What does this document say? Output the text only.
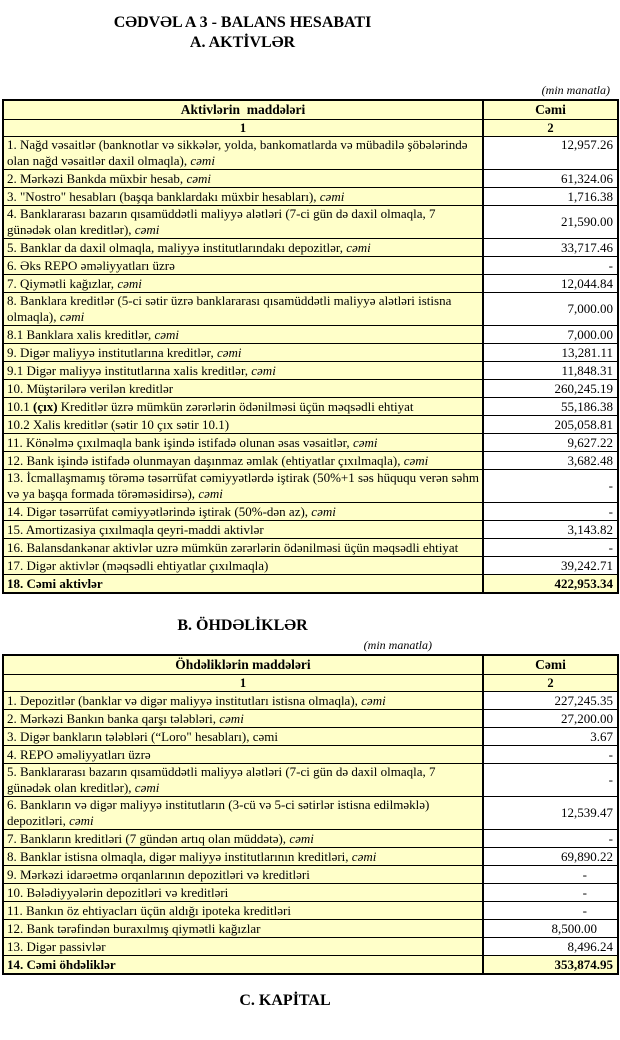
CƏDVƏL A 3 - BALANS HESABATI
A. AKTİVLƏR
(min manatla)
Aktivlərin  maddələri	Cəmi
1	2
1. Nağd vəsaitlər (banknotlar və sikkələr, yolda, bankomatlarda və mübadilə şöbələrində olan nağd vəsaitlər daxil olmaqla), cəmi	12,957.26
2. Mərkəzi Bankda müxbir hesab, cəmi	61,324.06
3. "Nostro" hesabları (başqa banklardakı müxbir hesabları), cəmi	1,716.38
4. Banklararası bazarın qısamüddətli maliyyə alətləri (7-ci gün də daxil olmaqla, 7 günədək olan kreditlər), cəmi	21,590.00
5. Banklar da daxil olmaqla, maliyyə institutlarındakı depozitlər, cəmi	33,717.46
6. Əks REPO əməliyyatları üzrə	-
7. Qiymətli kağızlar, cəmi	12,044.84
8. Banklara kreditlər (5-ci sətir üzrə banklararası qısamüddətli maliyyə alətləri istisna olmaqla), cəmi	7,000.00
8.1 Banklara xalis kreditlər, cəmi	7,000.00
9. Digər maliyyə institutlarına kreditlər, cəmi	13,281.11
9.1 Digər maliyyə institutlarına xalis kreditlər, cəmi	11,848.31
10. Müştərilərə verilən kreditlər	260,245.19
10.1 (çıx) Kreditlər üzrə mümkün zərərlərin ödənilməsi üçün məqsədli ehtiyat	55,186.38
10.2 Xalis kreditlər (sətir 10 çıx sətir 10.1)	205,058.81
11. Könəlmə çıxılmaqla bank işində istifadə olunan əsas vəsaitlər, cəmi	9,627.22
12. Bank işində istifadə olunmayan daşınmaz əmlak (ehtiyatlar çıxılmaqla), cəmi	3,682.48
13. İcmallaşmamış törəmə təsərrüfat cəmiyyətlərdə iştirak (50%+1 səs hüququ verən səhm və ya başqa formada törəməsidirsə), cəmi	-
14. Digər təsərrüfat cəmiyyətlərində iştirak (50%-dən az), cəmi	-
15. Amortizasiya çıxılmaqla qeyri-maddi aktivlər	3,143.82
16. Balansdankənar aktivlər uzrə mümkün zərərlərin ödənilməsi üçün məqsədli ehtiyat	-
17. Digər aktivlər (məqsədli ehtiyatlar çıxılmaqla)	39,242.71
18. Cəmi aktivlər	422,953.34
B. ÖHDƏLİKLƏR
(min manatla)
Öhdəliklərin maddələri	Cəmi
1	2
1. Depozitlər (banklar və digər maliyyə institutları istisna olmaqla), cəmi	227,245.35
2. Mərkəzi Bankın banka qarşı tələbləri, cəmi	27,200.00
3. Digər bankların tələbləri (“Loro" hesabları), cəmi	3.67
4. REPO əməliyyatları üzrə	-
5. Banklararası bazarın qısamüddətli maliyyə alətləri (7-ci gün də daxil olmaqla, 7 günədək olan kreditlər), cəmi	-
6. Bankların və digər maliyyə institutların (3-cü və 5-ci sətirlər istisna edilməklə) depozitləri, cəmi	12,539.47
7. Bankların kreditləri (7 gündən artıq olan müddətə), cəmi	-
8. Banklar istisna olmaqla, digər maliyyə institutlarının kreditləri, cəmi	69,890.22
9. Mərkəzi idarəetmə orqanlarının depozitləri və kreditləri	-
10. Bələdiyyələrin depozitləri və kreditləri	-
11. Bankın öz ehtiyacları üçün aldığı ipoteka kreditləri	-
12. Bank tərəfindən buraxılmış qiymətli kağızlar	8,500.00
13. Digər passivlər	8,496.24
14. Cəmi öhdəliklər	353,874.95
C. KAPİTAL
